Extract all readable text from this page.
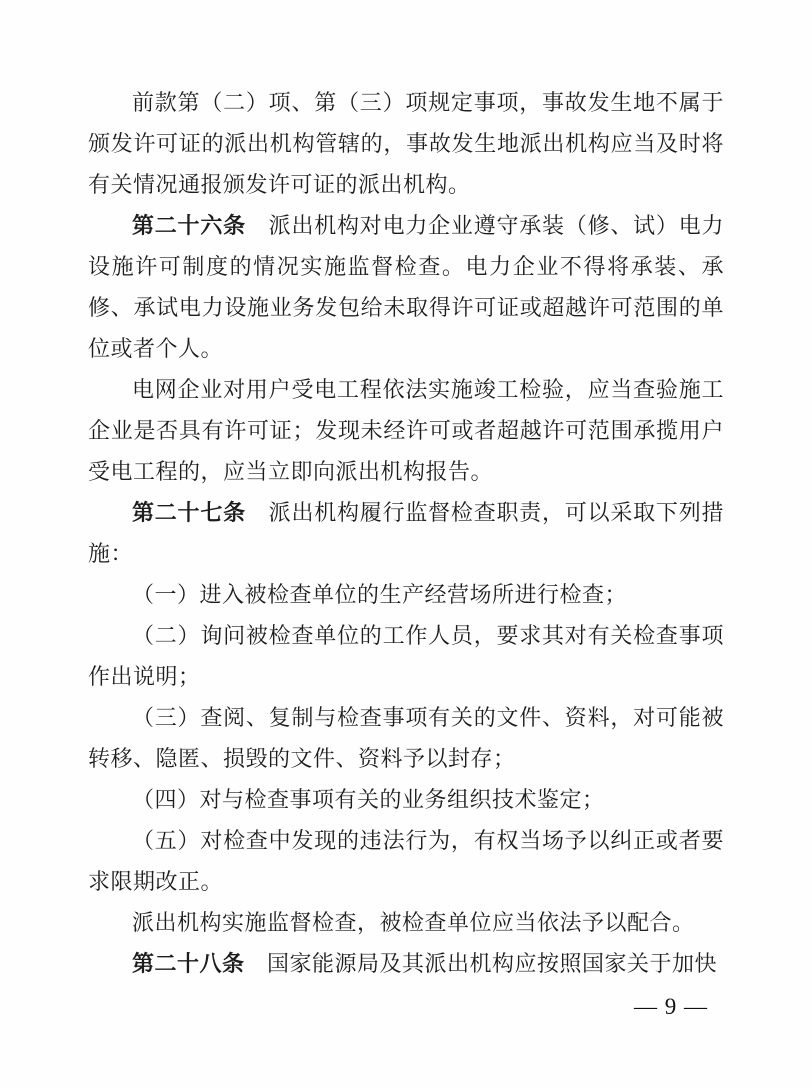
前款第（二）项、第（三）项规定事项，事故发生地不属于颁发许可证的派出机构管辖的，事故发生地派出机构应当及时将有关情况通报颁发许可证的派出机构。

第二十六条　派出机构对电力企业遵守承装（修、试）电力设施许可制度的情况实施监督检查。电力企业不得将承装、承修、承试电力设施业务发包给未取得许可证或超越许可范围的单位或者个人。

电网企业对用户受电工程依法实施竣工检验，应当查验施工企业是否具有许可证；发现未经许可或者超越许可范围承揽用户受电工程的，应当立即向派出机构报告。

第二十七条　派出机构履行监督检查职责，可以采取下列措施：

（一）进入被检查单位的生产经营场所进行检查；

（二）询问被检查单位的工作人员，要求其对有关检查事项作出说明；

（三）查阅、复制与检查事项有关的文件、资料，对可能被转移、隐匿、损毁的文件、资料予以封存；

（四）对与检查事项有关的业务组织技术鉴定；

（五）对检查中发现的违法行为，有权当场予以纠正或者要求限期改正。

派出机构实施监督检查，被检查单位应当依法予以配合。

第二十八条　国家能源局及其派出机构应按照国家关于加快

— 9 —
